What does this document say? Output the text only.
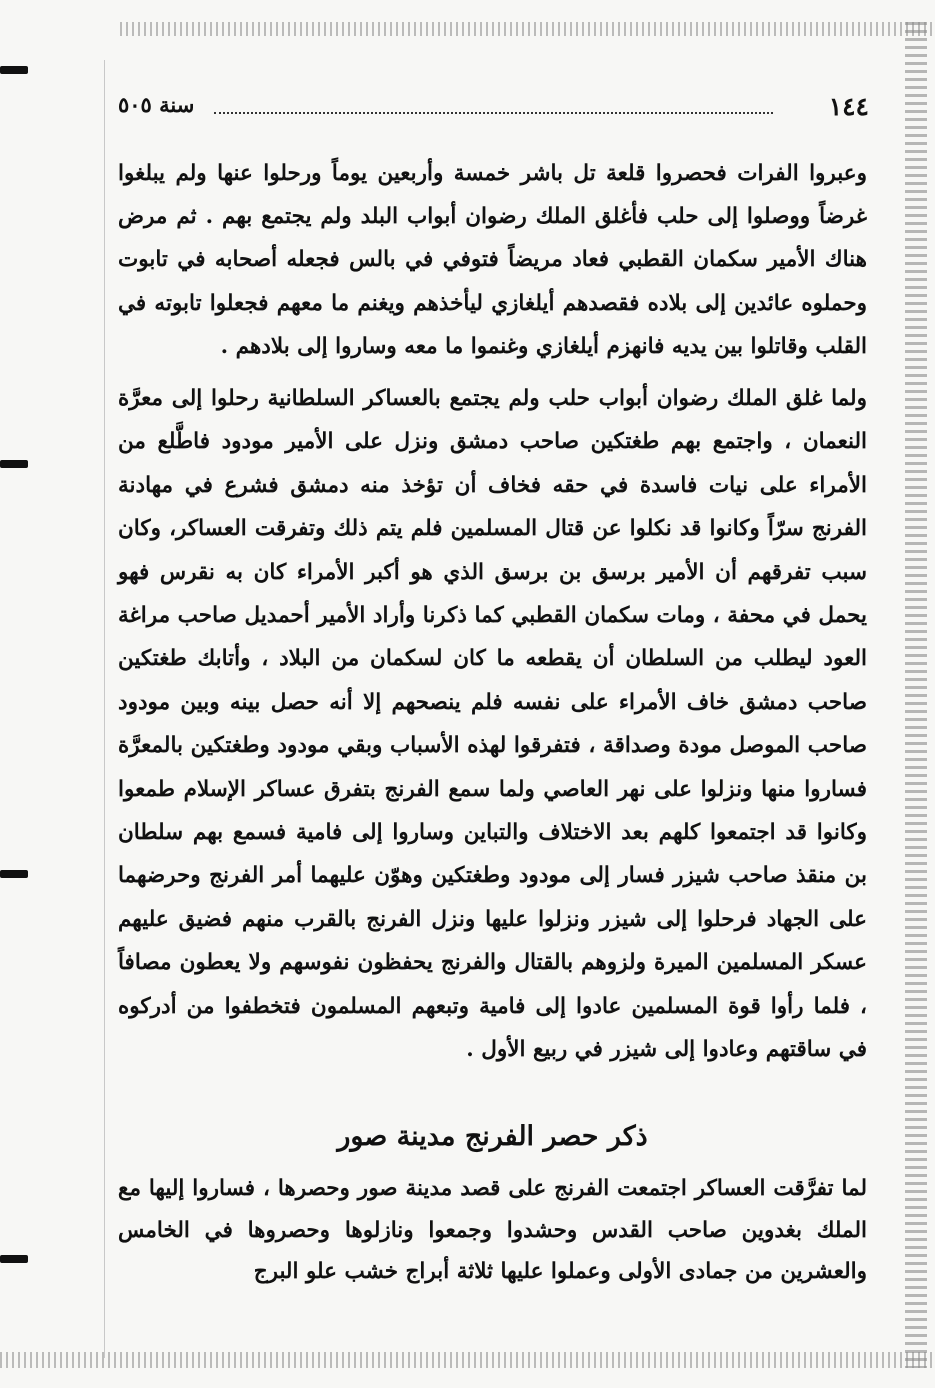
١٤٤
سنة ٥٠٥

وعبروا الفرات فحصروا قلعة تل باشر خمسة وأربعين يوماً ورحلوا عنها ولم يبلغوا غرضاً ووصلوا إلى حلب فأغلق الملك رضوان أبواب البلد ولم يجتمع بهم . ثم مرض هناك الأمير سكمان القطبي فعاد مريضاً فتوفي في بالس فجعله أصحابه في تابوت وحملوه عائدين إلى بلاده فقصدهم أيلغازي ليأخذهم ويغنم ما معهم فجعلوا تابوته في القلب وقاتلوا بين يديه فانهزم أيلغازي وغنموا ما معه وساروا إلى بلادهم .

ولما غلق الملك رضوان أبواب حلب ولم يجتمع بالعساكر السلطانية رحلوا إلى معرَّة النعمان ، واجتمع بهم طغتكين صاحب دمشق ونزل على الأمير مودود فاطَّلع من الأمراء على نيات فاسدة في حقه فخاف أن تؤخذ منه دمشق فشرع في مهادنة الفرنج سرّاً وكانوا قد نكلوا عن قتال المسلمين فلم يتم ذلك وتفرقت العساكر، وكان سبب تفرقهم أن الأمير برسق بن برسق الذي هو أكبر الأمراء كان به نقرس فهو يحمل في محفة ، ومات سكمان القطبي كما ذكرنا وأراد الأمير أحمديل صاحب مراغة العود ليطلب من السلطان أن يقطعه ما كان لسكمان من البلاد ، وأتابك طغتكين صاحب دمشق خاف الأمراء على نفسه فلم ينصحهم إلا أنه حصل بينه وبين مودود صاحب الموصل مودة وصداقة ، فتفرقوا لهذه الأسباب وبقي مودود وطغتكين بالمعرَّة فساروا منها ونزلوا على نهر العاصي ولما سمع الفرنج بتفرق عساكر الإسلام طمعوا وكانوا قد اجتمعوا كلهم بعد الاختلاف والتباين وساروا إلى فامية فسمع بهم سلطان بن منقذ صاحب شيزر فسار إلى مودود وطغتكين وهوّن عليهما أمر الفرنج وحرضهما على الجهاد فرحلوا إلى شيزر ونزلوا عليها ونزل الفرنج بالقرب منهم فضيق عليهم عسكر المسلمين الميرة ولزوهم بالقتال والفرنج يحفظون نفوسهم ولا يعطون مصافاً ، فلما رأوا قوة المسلمين عادوا إلى فامية وتبعهم المسلمون فتخطفوا من أدركوه في ساقتهم وعادوا إلى شيزر في ربيع الأول .

ذكر حصر الفرنج مدينة صور

لما تفرَّقت العساكر اجتمعت الفرنج على قصد مدينة صور وحصرها ، فساروا إليها مع الملك بغدوين صاحب القدس وحشدوا وجمعوا ونازلوها وحصروها في الخامس والعشرين من جمادى الأولى وعملوا عليها ثلاثة أبراج خشب علو البرج
